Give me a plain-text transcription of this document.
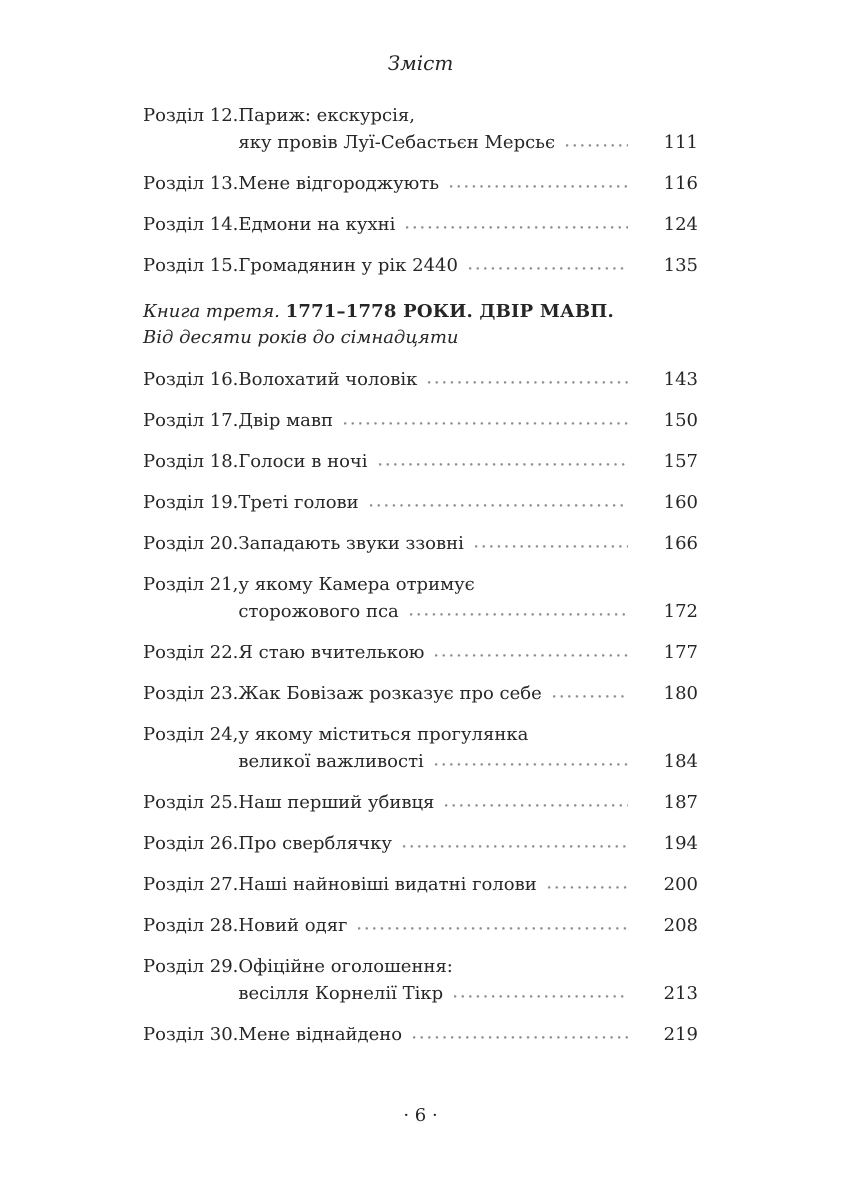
Зміст
Розділ 12. Париж: екскурсія,
яку провів Луї-Себастьєн Мерсьє	111
Розділ 13. Мене відгороджують	116
Розділ 14. Едмони на кухні	124
Розділ 15. Громадянин у рік 2440	135
Книга третя. 1771–1778 РОКИ. ДВІР МАВП.
Від десяти років до сімнадцяти
Розділ 16. Волохатий чоловік	143
Розділ 17. Двір мавп	150
Розділ 18. Голоси в ночі	157
Розділ 19. Треті голови	160
Розділ 20. Западають звуки ззовні	166
Розділ 21, у якому Камера отримує
сторожового пса	172
Розділ 22. Я стаю вчителькою	177
Розділ 23. Жак Бовізаж розказує про себе	180
Розділ 24, у якому міститься прогулянка
великої важливості	184
Розділ 25. Наш перший убивця	187
Розділ 26. Про сверблячку	194
Розділ 27. Наші найновіші видатні голови	200
Розділ 28. Новий одяг	208
Розділ 29. Офіційне оголошення:
весілля Корнелії Тікр	213
Розділ 30. Мене віднайдено	219
· 6 ·
